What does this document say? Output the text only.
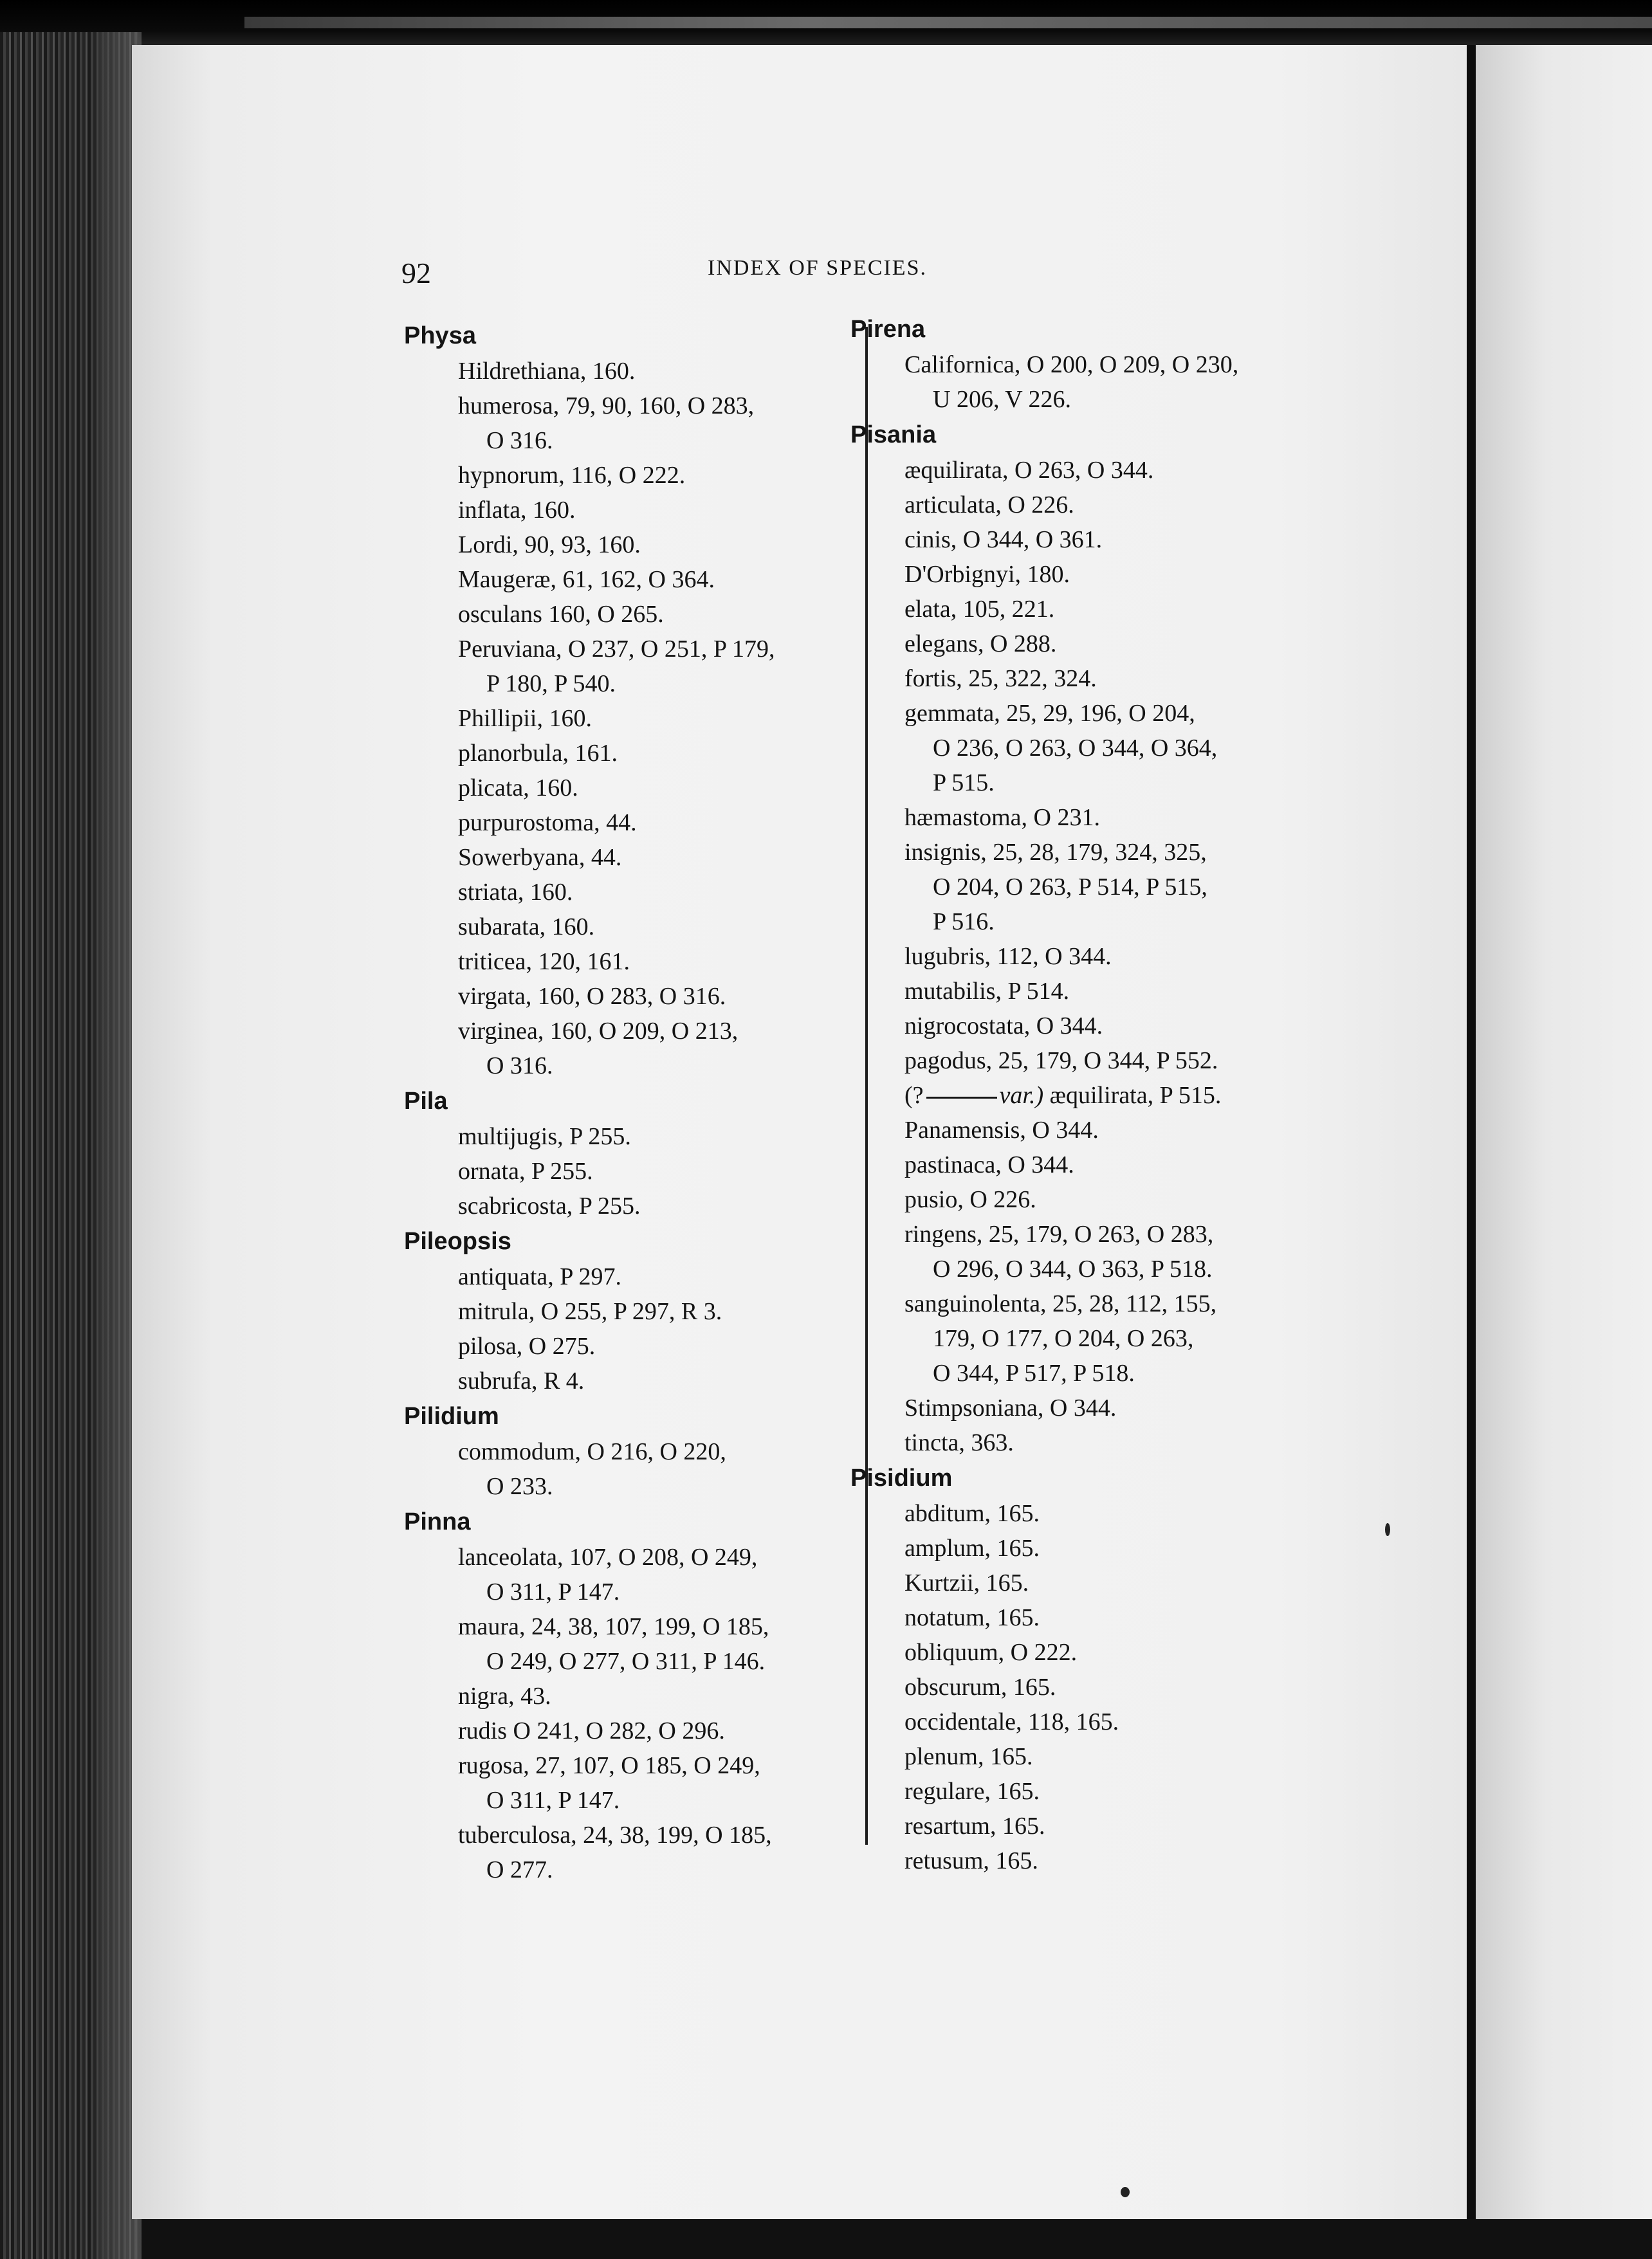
92	INDEX OF SPECIES.
Physa
Hildrethiana, 160.
humerosa, 79, 90, 160, O 283,
O 316.
hypnorum, 116, O 222.
inflata, 160.
Lordi, 90, 93, 160.
Maugeræ, 61, 162, O 364.
osculans 160, O 265.
Peruviana, O 237, O 251, P 179,
P 180, P 540.
Phillipii, 160.
planorbula, 161.
plicata, 160.
purpurostoma, 44.
Sowerbyana, 44.
striata, 160.
subarata, 160.
triticea, 120, 161.
virgata, 160, O 283, O 316.
virginea, 160, O 209, O 213,
O 316.
Pila
multijugis, P 255.
ornata, P 255.
scabricosta, P 255.
Pileopsis
antiquata, P 297.
mitrula, O 255, P 297, R 3.
pilosa, O 275.
subrufa, R 4.
Pilidium
commodum, O 216, O 220,
O 233.
Pinna
lanceolata, 107, O 208, O 249,
O 311, P 147.
maura, 24, 38, 107, 199, O 185,
O 249, O 277, O 311, P 146.
nigra, 43.
rudis O 241, O 282, O 296.
rugosa, 27, 107, O 185, O 249,
O 311, P 147.
tuberculosa, 24, 38, 199, O 185,
O 277.
Pirena
Californica, O 200, O 209, O 230,
U 206, V 226.
Pisania
æquilirata, O 263, O 344.
articulata, O 226.
cinis, O 344, O 361.
D'Orbignyi, 180.
elata, 105, 221.
elegans, O 288.
fortis, 25, 322, 324.
gemmata, 25, 29, 196, O 204,
O 236, O 263, O 344, O 364,
P 515.
hæmastoma, O 231.
insignis, 25, 28, 179, 324, 325,
O 204, O 263, P 514, P 515,
P 516.
lugubris, 112, O 344.
mutabilis, P 514.
nigrocostata, O 344.
pagodus, 25, 179, O 344, P 552.
(?	var.) æquilirata, P 515.
Panamensis, O 344.
pastinaca, O 344.
pusio, O 226.
ringens, 25, 179, O 263, O 283,
O 296, O 344, O 363, P 518.
sanguinolenta, 25, 28, 112, 155,
179, O 177, O 204, O 263,
O 344, P 517, P 518.
Stimpsoniana, O 344.
tincta, 363.
Pisidium
abditum, 165.
amplum, 165.
Kurtzii, 165.
notatum, 165.
obliquum, O 222.
obscurum, 165.
occidentale, 118, 165.
plenum, 165.
regulare, 165.
resartum, 165.
retusum, 165.
